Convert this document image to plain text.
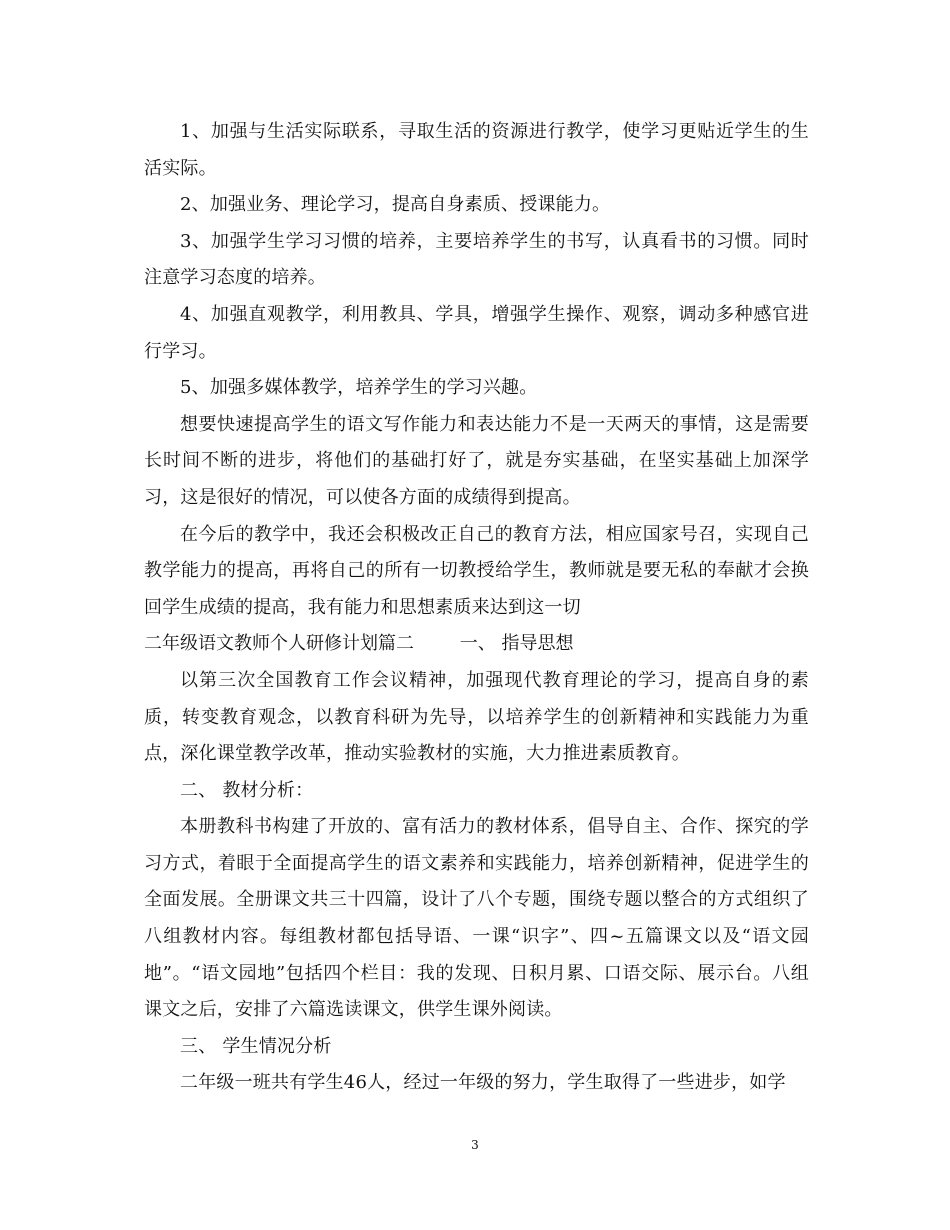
1、加强与生活实际联系，寻取生活的资源进行教学，使学习更贴近学生的生活实际。

2、加强业务、理论学习，提高自身素质、授课能力。

3、加强学生学习习惯的培养，主要培养学生的书写，认真看书的习惯。同时注意学习态度的培养。

4、加强直观教学，利用教具、学具，增强学生操作、观察，调动多种感官进行学习。

5、加强多媒体教学，培养学生的学习兴趣。

想要快速提高学生的语文写作能力和表达能力不是一天两天的事情，这是需要长时间不断的进步，将他们的基础打好了，就是夯实基础，在坚实基础上加深学习，这是很好的情况，可以使各方面的成绩得到提高。

在今后的教学中，我还会积极改正自己的教育方法，相应国家号召，实现自己教学能力的提高，再将自己的所有一切教授给学生，教师就是要无私的奉献才会换回学生成绩的提高，我有能力和思想素质来达到这一切

二年级语文教师个人研修计划篇二	一、 指导思想

以第三次全国教育工作会议精神，加强现代教育理论的学习，提高自身的素质，转变教育观念，以教育科研为先导，以培养学生的创新精神和实践能力为重点，深化课堂教学改革，推动实验教材的实施，大力推进素质教育。

二、 教材分析：

本册教科书构建了开放的、富有活力的教材体系，倡导自主、合作、探究的学习方式，着眼于全面提高学生的语文素养和实践能力，培养创新精神，促进学生的全面发展。全册课文共三十四篇，设计了八个专题，围绕专题以整合的方式组织了八组教材内容。每组教材都包括导语、一课“识字”、四~五篇课文以及“语文园地”。“语文园地”包括四个栏目：我的发现、日积月累、口语交际、展示台。八组课文之后，安排了六篇选读课文，供学生课外阅读。

三、 学生情况分析

二年级一班共有学生46人，经过一年级的努力，学生取得了一些进步，如学

3
